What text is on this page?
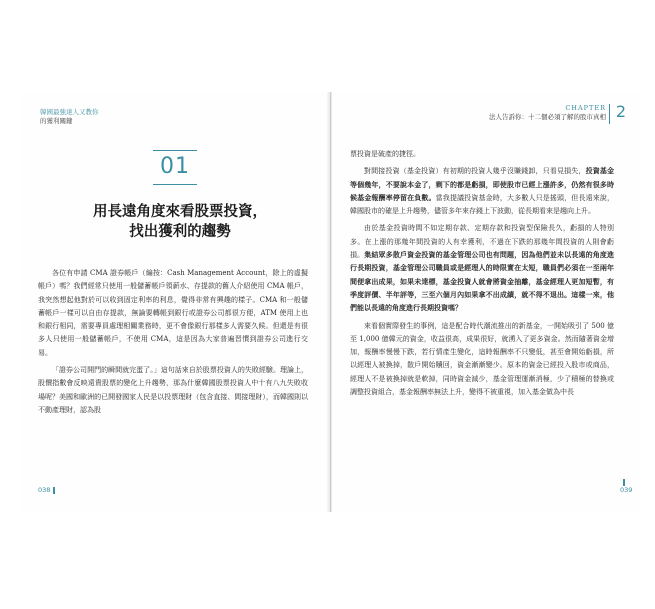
韓國最強達人又教你
的獲利關鍵
01
用長遠角度來看股票投資，
找出獲利的趨勢

各位有申請 CMA 證券帳戶（編按：Cash Management Account，除上的虛擬帳戶）嗎？我們經常只使用一般儲蓄帳戶領薪水、存提款的舊人介紹使用 CMA 帳戶，我突然想起他對於可以收到固定利率的利息，覺得非常有興趣的樣子。CMA 和一般儲蓄帳戶一樣可以自由存提款，無論要轉帳到銀行或證券公司都很方便，ATM 使用上也和銀行相同，需要專員處理相關業務時，更不會像銀行那樣多人需要久候。但還是有很多人只使用一般儲蓄帳戶，不使用 CMA，這是因為大家普遍習慣到證券公司進行交易。

「證券公司開門的瞬間就完蛋了。」這句話來自於股票投資人的失敗經驗。理論上，股價指數會反映遠貴股票的變化上升趨勢，那為什麼韓國股票投資人中十有八九失敗收場呢？美國和歐洲的已開發國家人民是以投票理財（包含直接、間接理財），而韓國則以不動產理財，認為股

038
CHAPTER
法人告訴你：十二個必須了解的股市真相 2

票投資是破產的捷徑。

對間接投資（基金投資）有初期的投資人幾乎沒賺錢卸，只看見損失，投資基金等個幾年，不要說本金了，剩下的都是虧損，即使股市已經上漲許多，仍然有很多時候基金報酬率停留在負數。當我提議投資基金時，大多數人只是搖頭，但長遠來說，韓國股市的確是上升趨勢，儘管多年來存錢上下波動，從長期看來是趨向上升。

由於基金投資時間不如定期存款、定期存款和投資型保險長久，虧損的人特別多。在上漲的那幾年間投資的人有幸獲利，不過在下跌的那幾年間投資的人則會虧損。集結眾多散戶資金投資的基金管理公司也有問題，因為他們並未以長遠的角度進行長期投資，基金管理公司職員或是經理人的時限實在太短，職員們必須在一至兩年間便拿出成果，如果未達標，基金投資人就會將資金抽離，基金經理人更加短暫，有季度評價、半年評等，三至六個月內如果拿不出成績，就不得不退出。這樣一來，他們能以長遠的角度進行長期投資嗎？

來看個實際發生的事例，這是配合時代潮流推出的新基金，一開始吸引了 500 億至 1,000 億韓元的資金，收益很高，成果很好，就湧入了更多資金。然而隨著資金增加，報酬率慢慢下跌，若行情產生變化，這時報酬率不只變低，甚至會開始虧損，所以經理人被換掉，散戶開始贖回，資金漸漸變少。原本的資金已經投入股市或商品，經理人不是被換掉就是軟掉，同時資金減少，基金管理運漸消極，少了積極的替換或調整投資組合，基金報酬率無法上升，變得不被重視，加入基金做為中長

039
